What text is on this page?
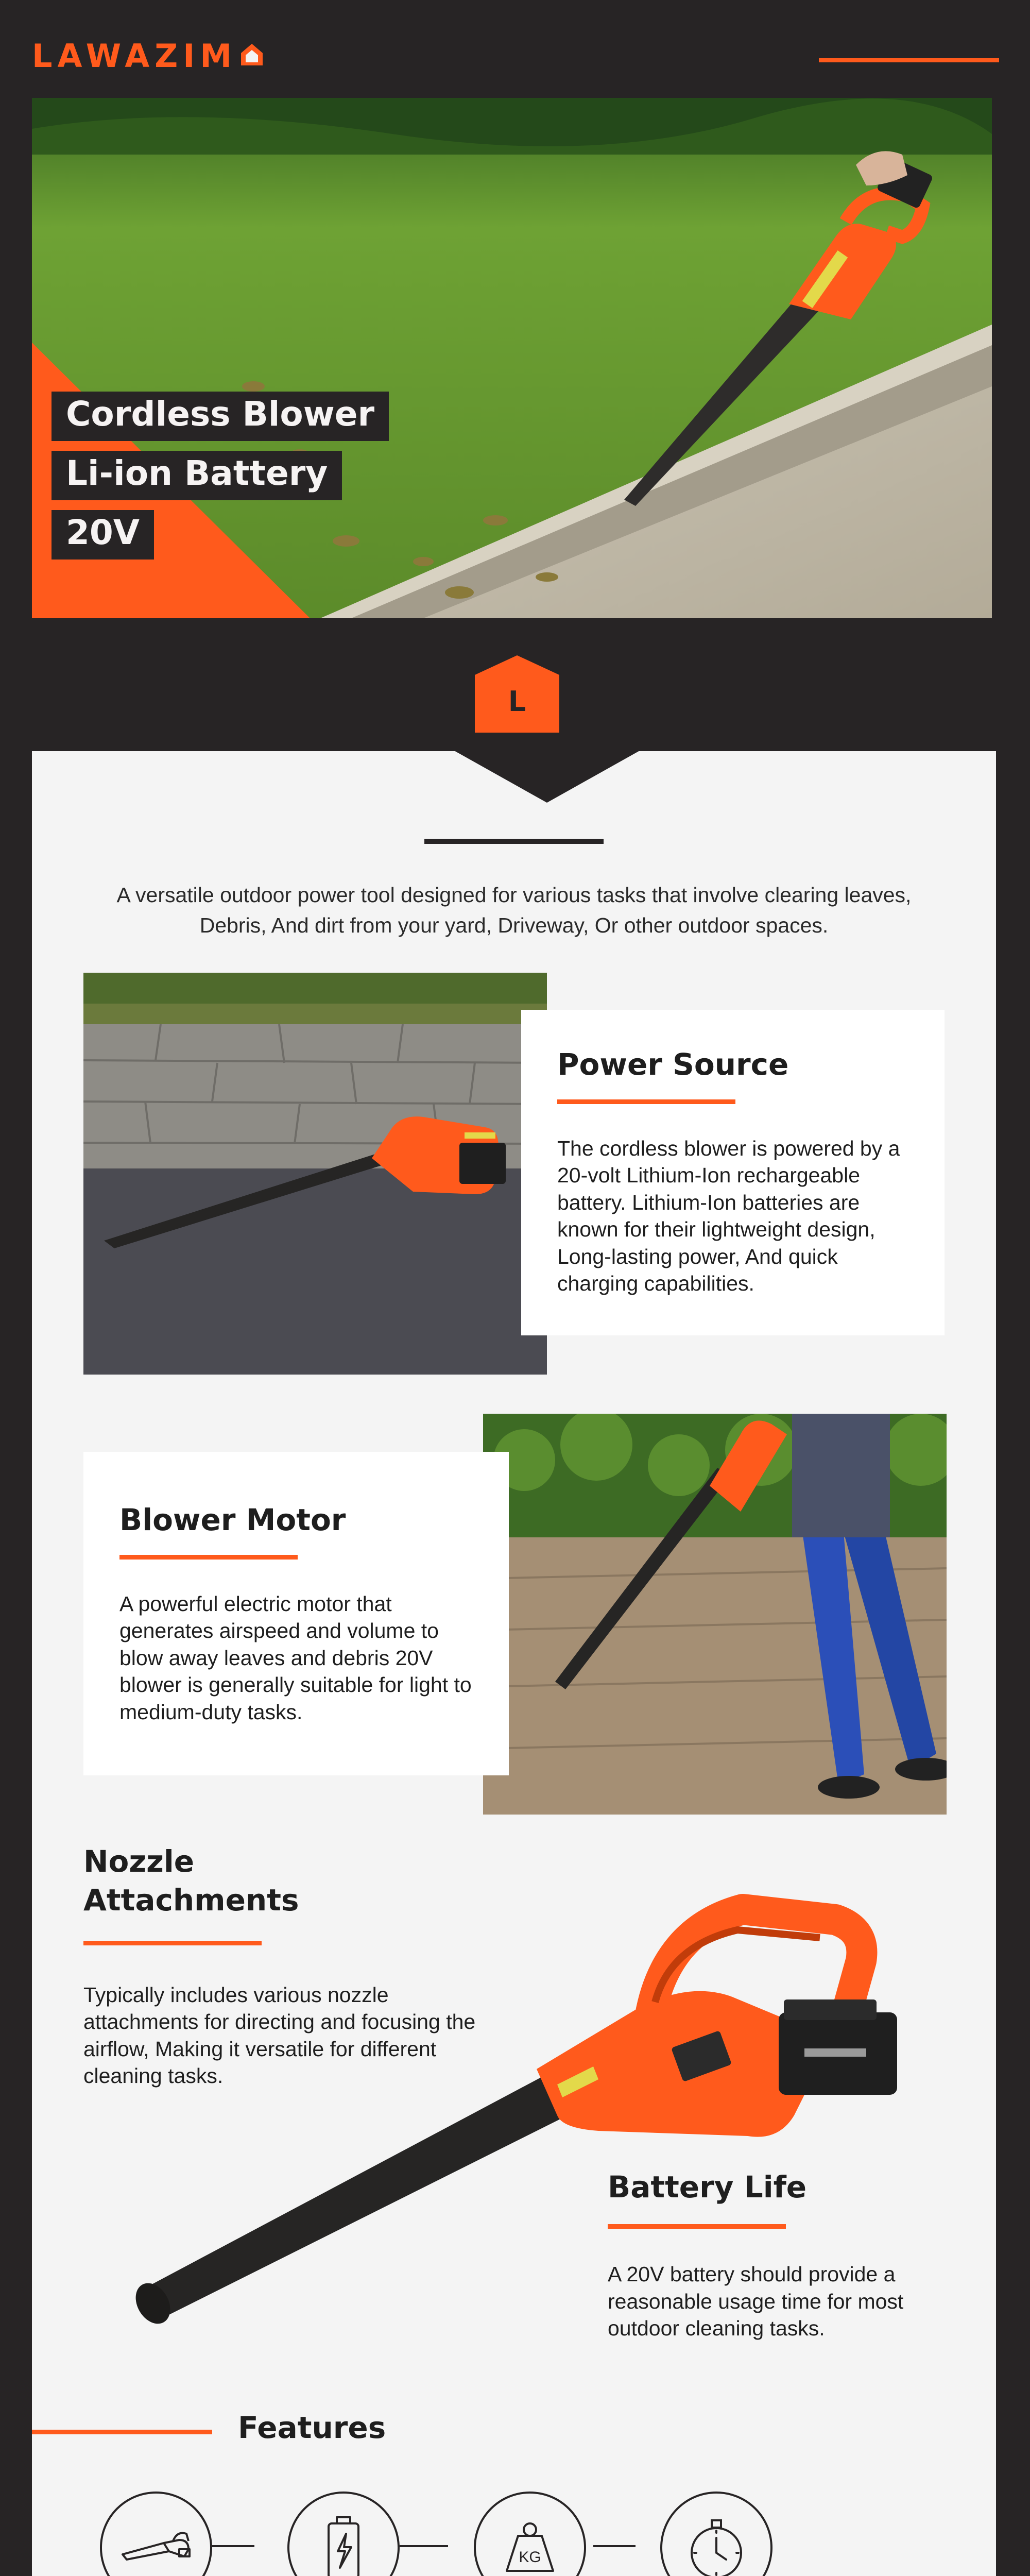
LAWAZIM
Cordless Blower
Li-ion Battery
20V
L

A versatile outdoor power tool designed for various tasks that involve clearing leaves, Debris, And dirt from your yard, Driveway, Or other outdoor spaces.

Power Source

The cordless blower is powered by a 20-volt Lithium-Ion rechargeable battery. Lithium-Ion batteries are known for their lightweight design, Long-lasting power, And quick charging capabilities.

Blower Motor

A powerful electric motor that generates airspeed and volume to blow away leaves and debris 20V blower is generally suitable for light to medium-duty tasks.

Nozzle
Attachments

Typically includes various nozzle attachments for directing and focusing the airflow, Making it versatile for different cleaning tasks.

Battery Life

A 20V battery should provide a reasonable usage time for most outdoor cleaning tasks.

Features
KG
